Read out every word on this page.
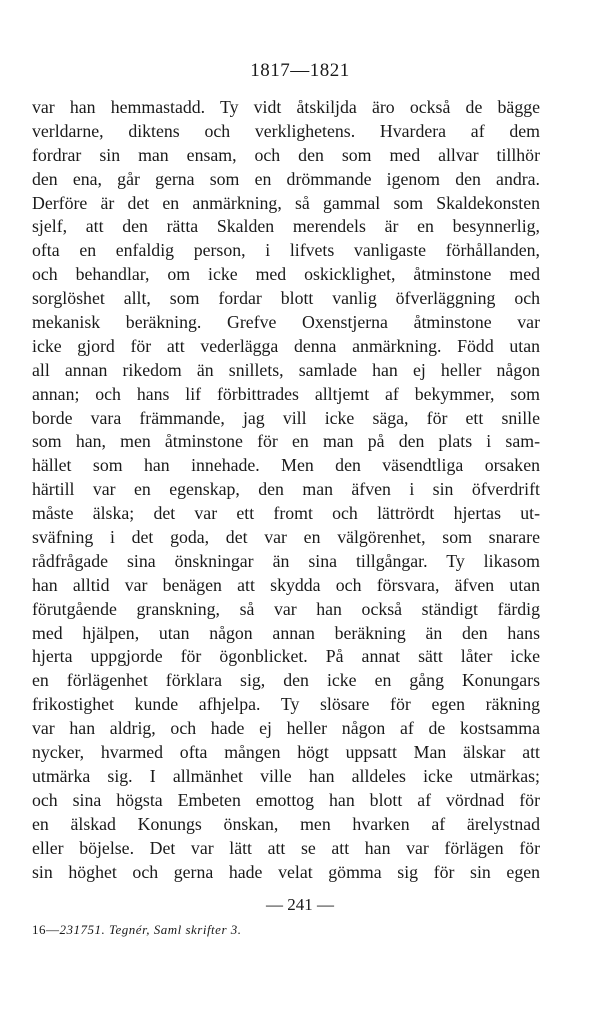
1817—1821
var han hemmastadd. Ty vidt åtskiljda äro också de bägge
verldarne, diktens och verklighetens. Hvardera af dem
fordrar sin man ensam, och den som med allvar tillhör
den ena, går gerna som en drömmande igenom den andra.
Derföre är det en anmärkning, så gammal som Skaldekonsten
sjelf, att den rätta Skalden merendels är en besynnerlig,
ofta en enfaldig person, i lifvets vanligaste förhållanden,
och behandlar, om icke med oskicklighet, åtminstone med
sorglöshet allt, som fordar blott vanlig öfverläggning och
mekanisk beräkning. Grefve Oxenstjerna åtminstone var
icke gjord för att vederlägga denna anmärkning. Född utan
all annan rikedom än snillets, samlade han ej heller någon
annan; och hans lif förbittrades alltjemt af bekymmer, som
borde vara främmande, jag vill icke säga, för ett snille
som han, men åtminstone för en man på den plats i sam-
hället som han innehade. Men den väsendtliga orsaken
härtill var en egenskap, den man äfven i sin öfverdrift
måste älska; det var ett fromt och lättrördt hjertas ut-
sväfning i det goda, det var en välgörenhet, som snarare
rådfrågade sina önskningar än sina tillgångar. Ty likasom
han alltid var benägen att skydda och försvara, äfven utan
förutgående granskning, så var han också ständigt färdig
med hjälpen, utan någon annan beräkning än den hans
hjerta uppgjorde för ögonblicket. På annat sätt låter icke
en förlägenhet förklara sig, den icke en gång Konungars
frikostighet kunde afhjelpa. Ty slösare för egen räkning
var han aldrig, och hade ej heller någon af de kostsamma
nycker, hvarmed ofta mången högt uppsatt Man älskar att
utmärka sig. I allmänhet ville han alldeles icke utmärkas;
och sina högsta Embeten emottog han blott af vördnad för
en älskad Konungs önskan, men hvarken af ärelystnad
eller böjelse. Det var lätt att se att han var förlägen för
sin höghet och gerna hade velat gömma sig för sin egen
— 241 —
16—231751. Tegnér, Saml skrifter 3.
